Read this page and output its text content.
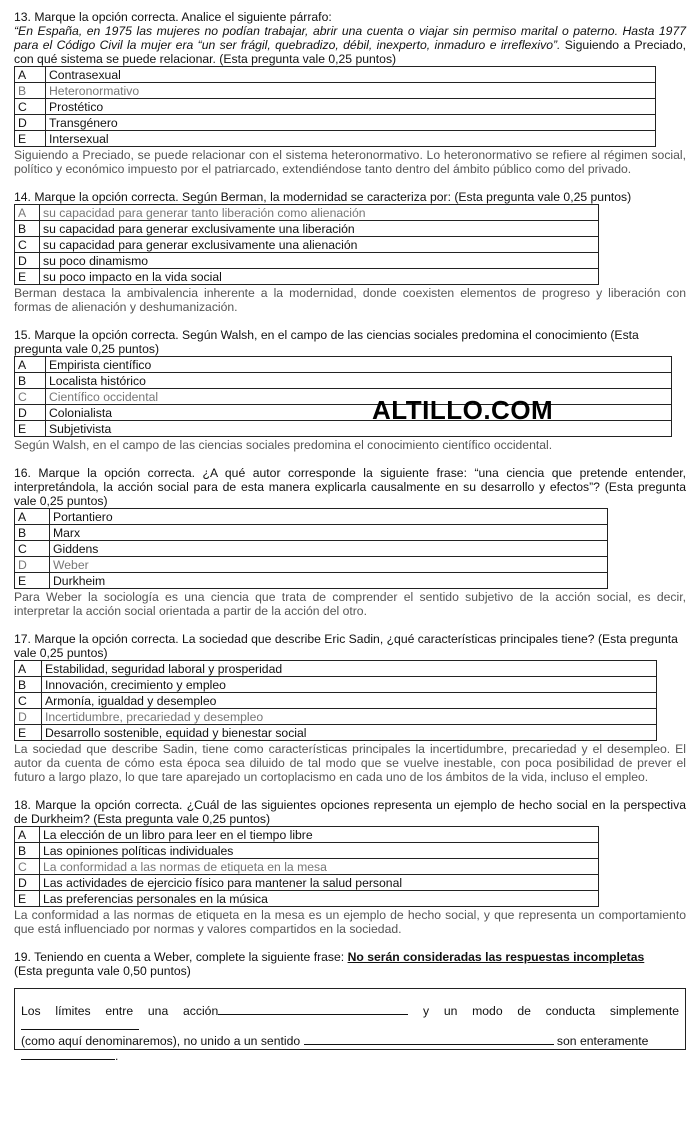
13. Marque la opción correcta. Analice el siguiente párrafo:
“En España, en 1975 las mujeres no podían trabajar, abrir una cuenta o viajar sin permiso marital o paterno. Hasta 1977 para el Código Civil la mujer era “un ser frágil, quebradizo, débil, inexperto, inmaduro e irreflexivo”. Siguiendo a Preciado, con qué sistema se puede relacionar. (Esta pregunta vale 0,25 puntos)

A	Contrasexual
B	Heteronormativo
C	Prostético
D	Transgénero
E	Intersexual

Siguiendo a Preciado, se puede relacionar con el sistema heteronormativo. Lo heteronormativo se refiere al régimen social, político y económico impuesto por el patriarcado, extendiéndose tanto dentro del ámbito público como del privado.

14. Marque la opción correcta. Según Berman, la modernidad se caracteriza por: (Esta pregunta vale 0,25 puntos)

A	su capacidad para generar tanto liberación como alienación
B	su capacidad para generar exclusivamente una liberación
C	su capacidad para generar exclusivamente una alienación
D	su poco dinamismo
E	su poco impacto en la vida social

Berman destaca la ambivalencia inherente a la modernidad, donde coexisten elementos de progreso y liberación con formas de alienación y deshumanización.

15. Marque la opción correcta. Según Walsh, en el campo de las ciencias sociales predomina el conocimiento (Esta pregunta vale 0,25 puntos)

A	Empirista científico
B	Localista histórico
C	Científico occidental
D	Colonialista
E	Subjetivista

Según Walsh, en el campo de las ciencias sociales predomina el conocimiento científico occidental.

16. Marque la opción correcta. ¿A qué autor corresponde la siguiente frase: “una ciencia que pretende entender, interpretándola, la acción social para de esta manera explicarla causalmente en su desarrollo y efectos”? (Esta pregunta vale 0,25 puntos)

A	Portantiero
B	Marx
C	Giddens
D	Weber
E	Durkheim

Para Weber la sociología es una ciencia que trata de comprender el sentido subjetivo de la acción social, es decir, interpretar la acción social orientada a partir de la acción del otro.

17. Marque la opción correcta. La sociedad que describe Eric Sadin, ¿qué características principales tiene? (Esta pregunta vale 0,25 puntos)

A	Estabilidad, seguridad laboral y prosperidad
B	Innovación, crecimiento y empleo
C	Armonía, igualdad y desempleo
D	Incertidumbre, precariedad y desempleo
E	Desarrollo sostenible, equidad y bienestar social

La sociedad que describe Sadin, tiene como características principales la incertidumbre, precariedad y el desempleo. El autor da cuenta de cómo esta época sea diluido de tal modo que se vuelve inestable, con poca posibilidad de prever el futuro a largo plazo, lo que tare aparejado un cortoplacismo en cada uno de los ámbitos de la vida, incluso el empleo.

18. Marque la opción correcta. ¿Cuál de las siguientes opciones representa un ejemplo de hecho social en la perspectiva de Durkheim? (Esta pregunta vale 0,25 puntos)

A	La elección de un libro para leer en el tiempo libre
B	Las opiniones políticas individuales
C	La conformidad a las normas de etiqueta en la mesa
D	Las actividades de ejercicio físico para mantener la salud personal
E	Las preferencias personales en la música

La conformidad a las normas de etiqueta en la mesa es un ejemplo de hecho social, y que representa un comportamiento que está influenciado por normas y valores compartidos en la sociedad.

19. Teniendo en cuenta a Weber, complete la siguiente frase: No serán consideradas las respuestas incompletas
(Esta pregunta vale 0,50 puntos)

Los límites entre una acción	y un modo de conducta simplemente
(como aquí denominaremos), no unido a un sentido	son enteramente
.
ALTILLO.COM
